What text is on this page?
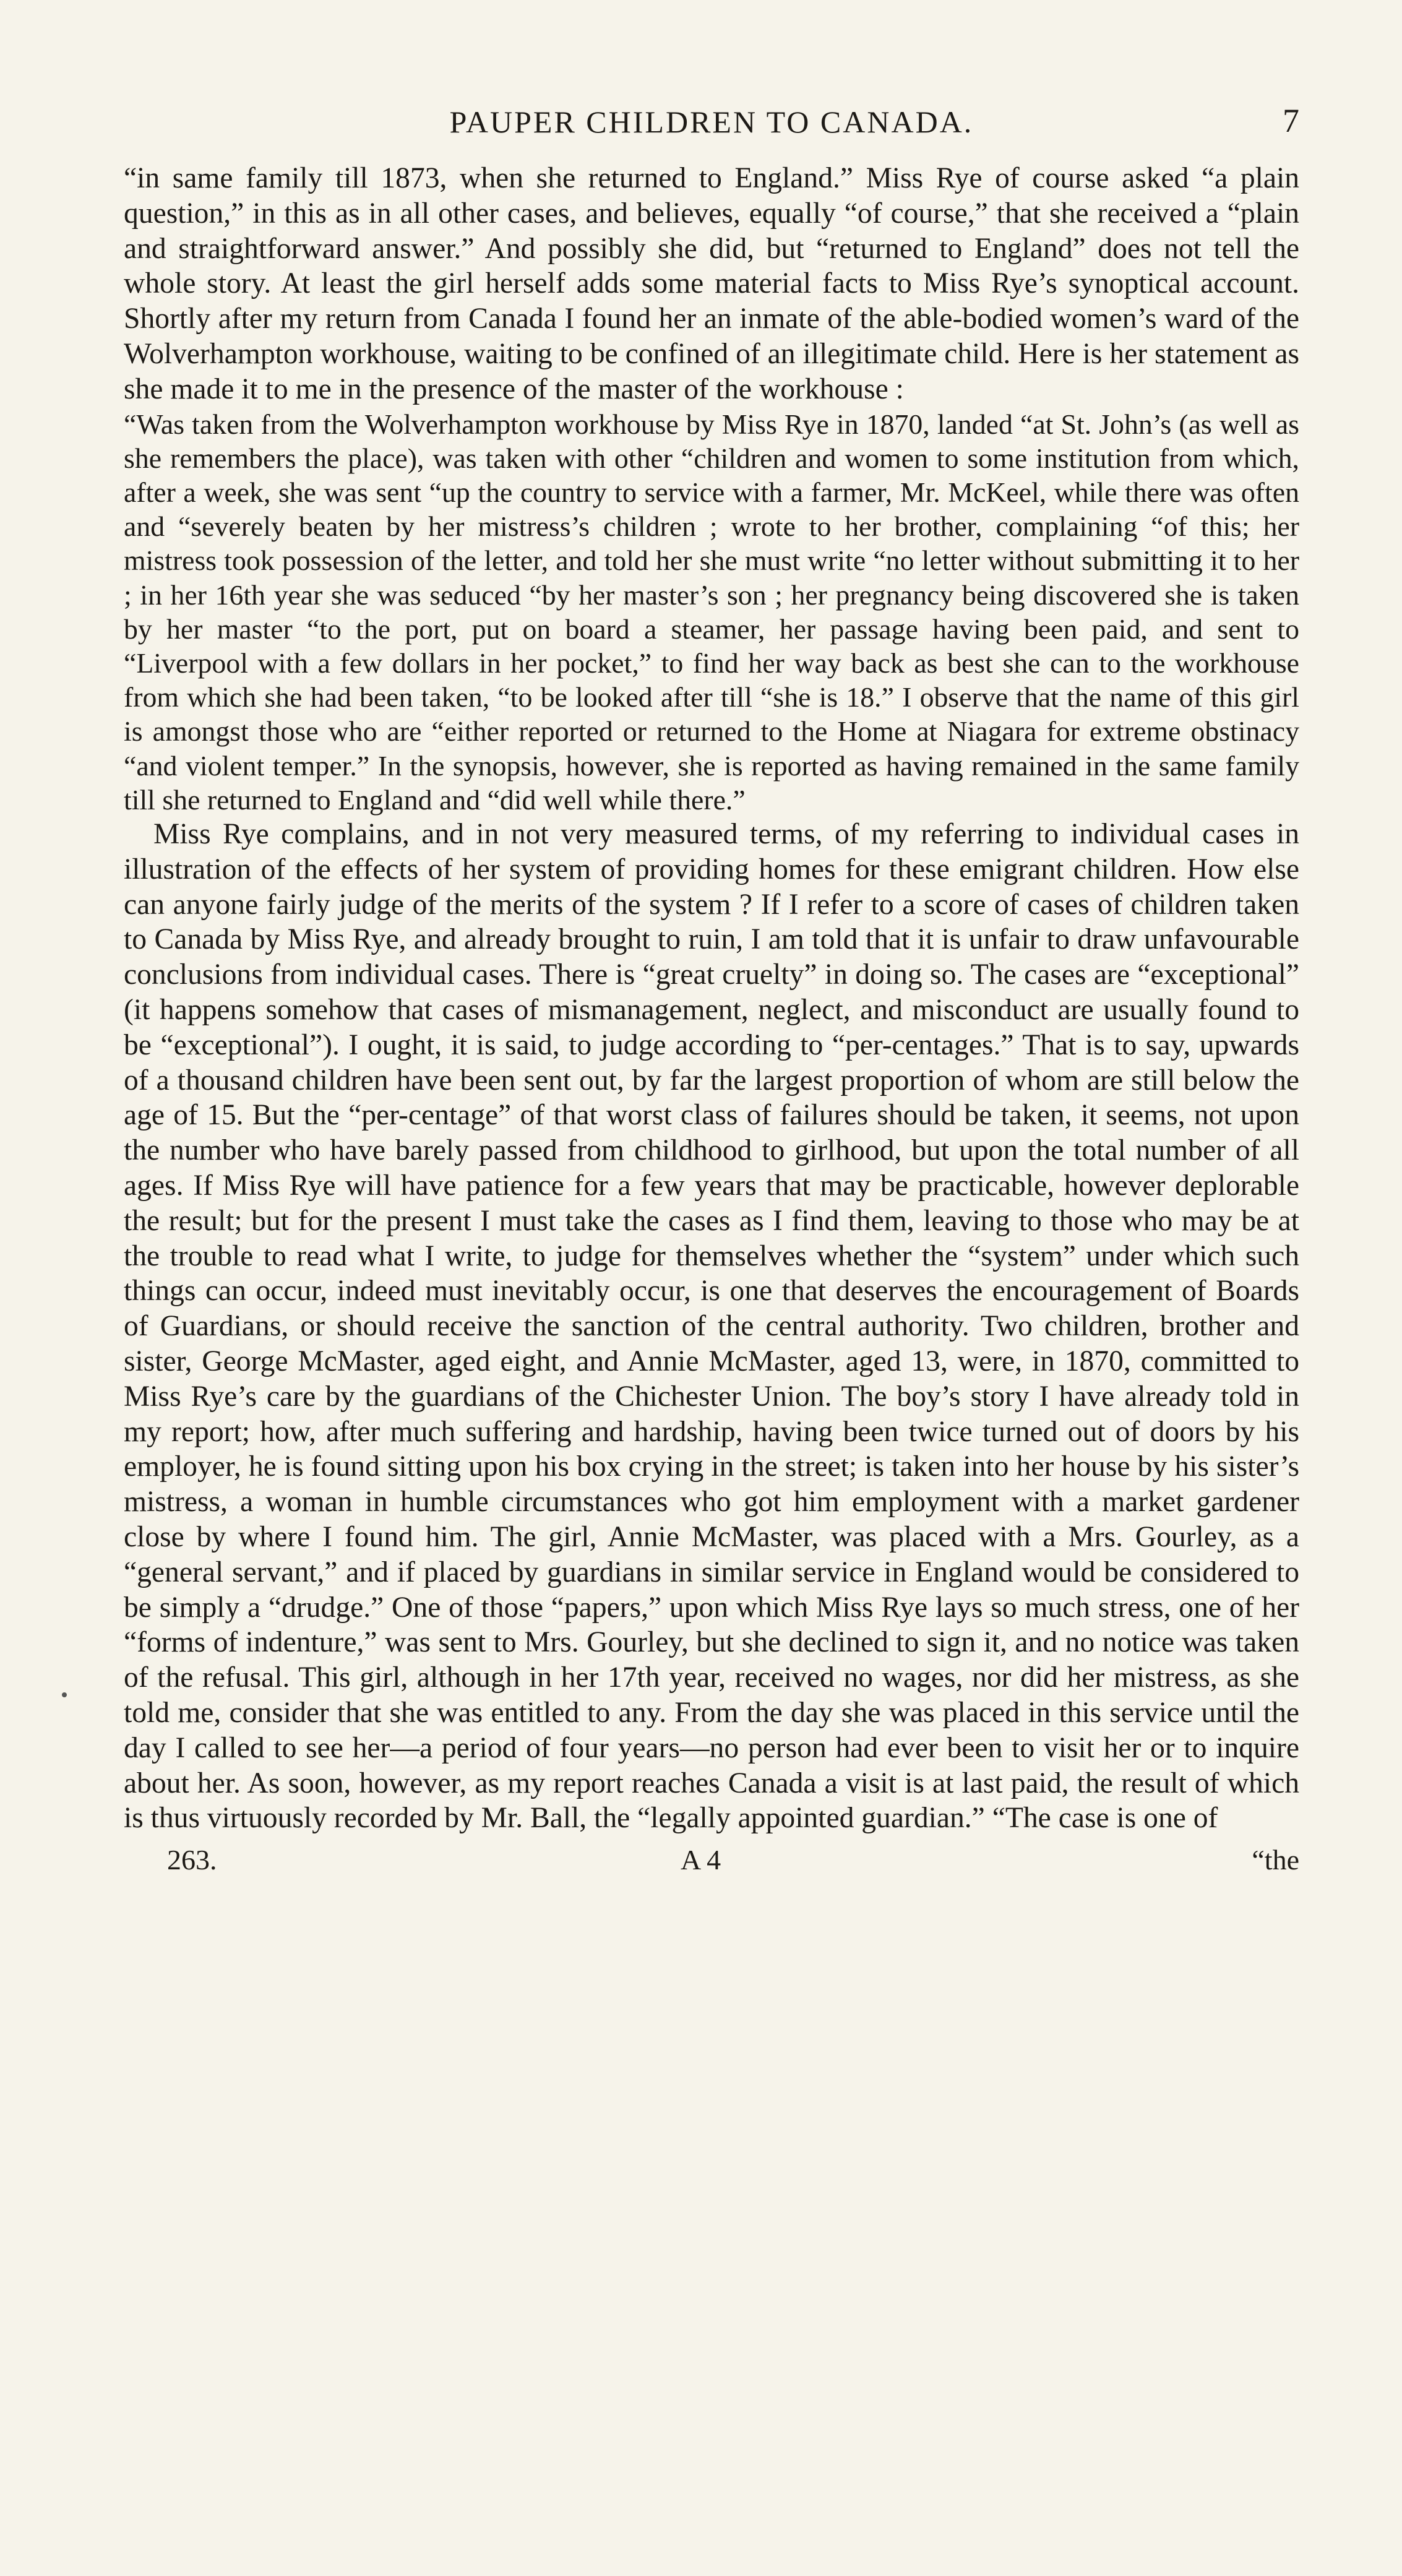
PAUPER CHILDREN TO CANADA.	7

“in same family till 1873, when she returned to England.” Miss Rye of course asked “a plain question,” in this as in all other cases, and believes, equally “of course,” that she received a “plain and straightforward answer.” And possibly she did, but “returned to England” does not tell the whole story. At least the girl herself adds some material facts to Miss Rye’s synoptical account. Shortly after my return from Canada I found her an inmate of the able-bodied women’s ward of the Wolverhampton workhouse, waiting to be confined of an illegitimate child. Here is her statement as she made it to me in the presence of the master of the workhouse :

“Was taken from the Wolverhampton workhouse by Miss Rye in 1870, landed “at St. John’s (as well as she remembers the place), was taken with other “children and women to some institution from which, after a week, she was sent “up the country to service with a farmer, Mr. McKeel, while there was often and “severely beaten by her mistress’s children ; wrote to her brother, complaining “of this; her mistress took possession of the letter, and told her she must write “no letter without submitting it to her ; in her 16th year she was seduced “by her master’s son ; her pregnancy being discovered she is taken by her master “to the port, put on board a steamer, her passage having been paid, and sent to “Liverpool with a few dollars in her pocket,” to find her way back as best she can to the workhouse from which she had been taken, “to be looked after till “she is 18.” I observe that the name of this girl is amongst those who are “either reported or returned to the Home at Niagara for extreme obstinacy “and violent temper.” In the synopsis, however, she is reported as having remained in the same family till she returned to England and “did well while there.”

Miss Rye complains, and in not very measured terms, of my referring to individual cases in illustration of the effects of her system of providing homes for these emigrant children. How else can anyone fairly judge of the merits of the system ? If I refer to a score of cases of children taken to Canada by Miss Rye, and already brought to ruin, I am told that it is unfair to draw unfavourable conclusions from individual cases. There is “great cruelty” in doing so. The cases are “exceptional” (it happens somehow that cases of mismanagement, neglect, and misconduct are usually found to be “exceptional”). I ought, it is said, to judge according to “per-centages.” That is to say, upwards of a thousand children have been sent out, by far the largest proportion of whom are still below the age of 15. But the “per-centage” of that worst class of failures should be taken, it seems, not upon the number who have barely passed from childhood to girlhood, but upon the total number of all ages. If Miss Rye will have patience for a few years that may be practicable, however deplorable the result; but for the present I must take the cases as I find them, leaving to those who may be at the trouble to read what I write, to judge for themselves whether the “system” under which such things can occur, indeed must inevitably occur, is one that deserves the encouragement of Boards of Guardians, or should receive the sanction of the central authority. Two children, brother and sister, George McMaster, aged eight, and Annie McMaster, aged 13, were, in 1870, committed to Miss Rye’s care by the guardians of the Chichester Union. The boy’s story I have already told in my report; how, after much suffering and hardship, having been twice turned out of doors by his employer, he is found sitting upon his box crying in the street; is taken into her house by his sister’s mistress, a woman in humble circumstances who got him employment with a market gardener close by where I found him. The girl, Annie McMaster, was placed with a Mrs. Gourley, as a “general servant,” and if placed by guardians in similar service in England would be considered to be simply a “drudge.” One of those “papers,” upon which Miss Rye lays so much stress, one of her “forms of indenture,” was sent to Mrs. Gourley, but she declined to sign it, and no notice was taken of the refusal. This girl, although in her 17th year, received no wages, nor did her mistress, as she told me, consider that she was entitled to any. From the day she was placed in this service until the day I called to see her—a period of four years—no person had ever been to visit her or to inquire about her. As soon, however, as my report reaches Canada a visit is at last paid, the result of which is thus virtuously recorded by Mr. Ball, the “legally appointed guardian.” “The case is one of

263.	A 4	“the
